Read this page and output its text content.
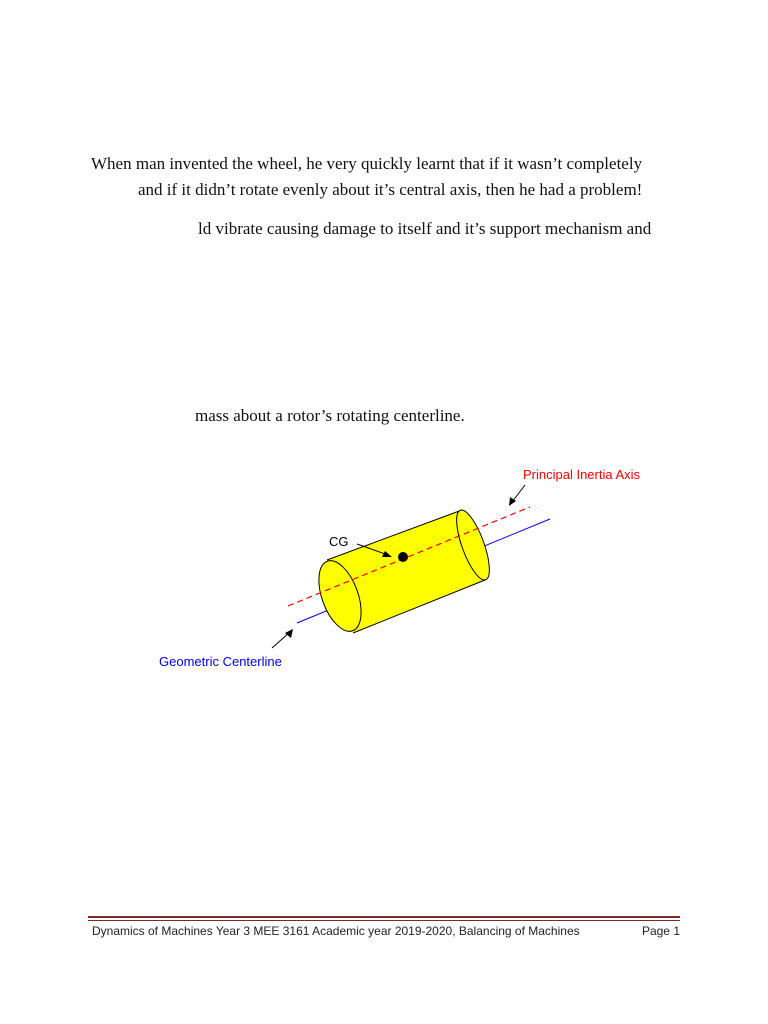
When man invented the wheel, he very quickly learnt that if it wasn’t completely
and if it didn’t rotate evenly about it’s central axis, then he had a problem!
ld vibrate causing damage to itself and it’s support mechanism and
mass about a rotor’s rotating centerline.
Principal Inertia Axis
CG
Geometric Centerline
Dynamics of Machines Year 3 MEE 3161 Academic year 2019-2020, Balancing of Machines	Page 1
